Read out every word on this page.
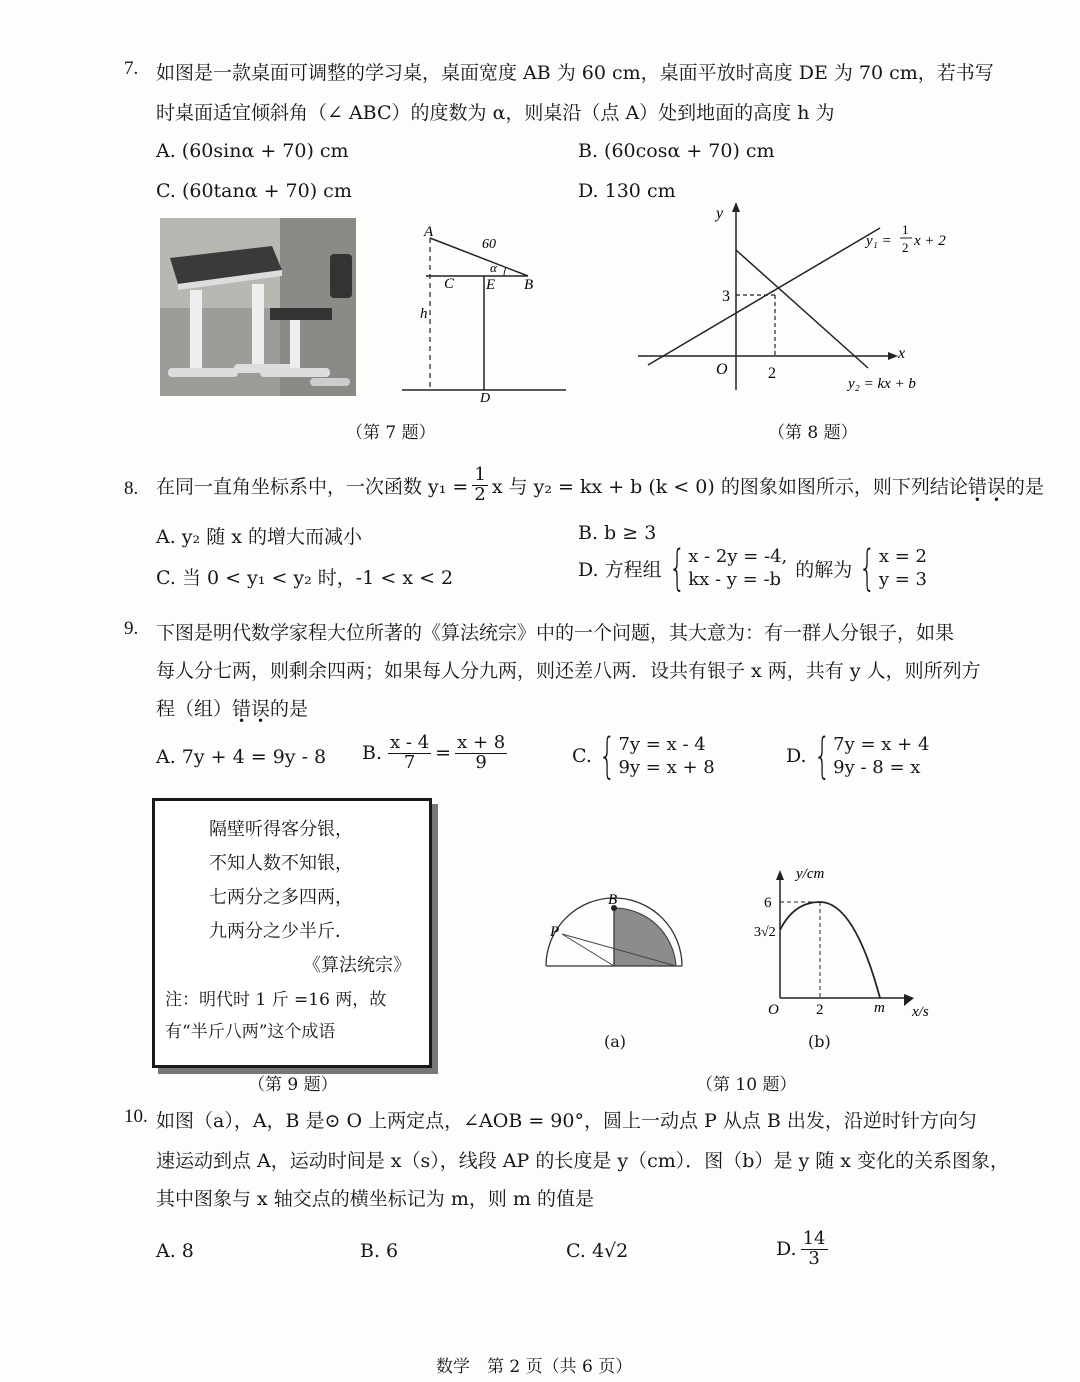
7. 如图是一款桌面可调整的学习桌，桌面宽度 AB 为 60 cm，桌面平放时高度 DE 为 70 cm，若书写
时桌面适宜倾斜角（∠ ABC）的度数为 α，则桌沿（点 A）处到地面的高度 h 为
A. (60sinα + 70) cm	B. (60cosα + 70) cm
C. (60tanα + 70) cm	D. 130 cm
A
C E B
α
60
h
D
（第 7 题）
y
x
O
3
2
y₁ =
1
2 x + 2
y₂ = kx + b
（第 8 题）
8. 在同一直角坐标系中，一次函数 $y_1 = \frac{1}{2}$ x 与 y₂ = kx + b (k < 0) 的图象如图所示，则下列结论 错 · 误 · 的是
A. y₂ 随 x 的增大而减小	B. b ≥ 3
C. 当 0 < y₁ < y₂ 时，-1 < x < 2	D. 方程组 { x - 2y = -4,
kx - y = -b 的解为 { x = 2
y = 3
9. 下图是明代数学家程大位所著的《算法统宗》中的一个问题，其大意为：有一群人分银子，如果
每人分七两，则剩余四两；如果每人分九两，则还差八两．设共有银子 x 两，共有 y 人，则所列方
程（组）错误的是
A. 7y + 4 = 9y - 8 B. $\frac{x - 4}{7} = \frac{x + 8}{9}$	C. { 7y = x - 4
9y = x + 8
D. { 7y = x + 4
9y - 8 = x
隔壁听得客分银，
不知人数不知银，
七两分之多四两，
九两分之少半斤．
《算法统宗》
注：明代时 1 斤 =16 两，故
有“半斤八两”这个成语
（第 9 题）
B
P
(a)
y/cm
6
3√2
O 2	m x/s
(b)
（第 10 题）
10. 如图（a），A，B 是⊙ O 上两定点，∠AOB = 90°，圆上一动点 P 从点 B 出发，沿逆时针方向匀
速运动到点 A，运动时间是 x（s），线段 AP 的长度是 y（cm）．图（b）是 y 随 x 变化的关系图象，
其中图象与 x 轴交点的横坐标记为 m，则 m 的值是
A. 8	B. 6	C. 4√2	D. $\frac{14}{3}$
数学　第 2 页（共 6 页）
